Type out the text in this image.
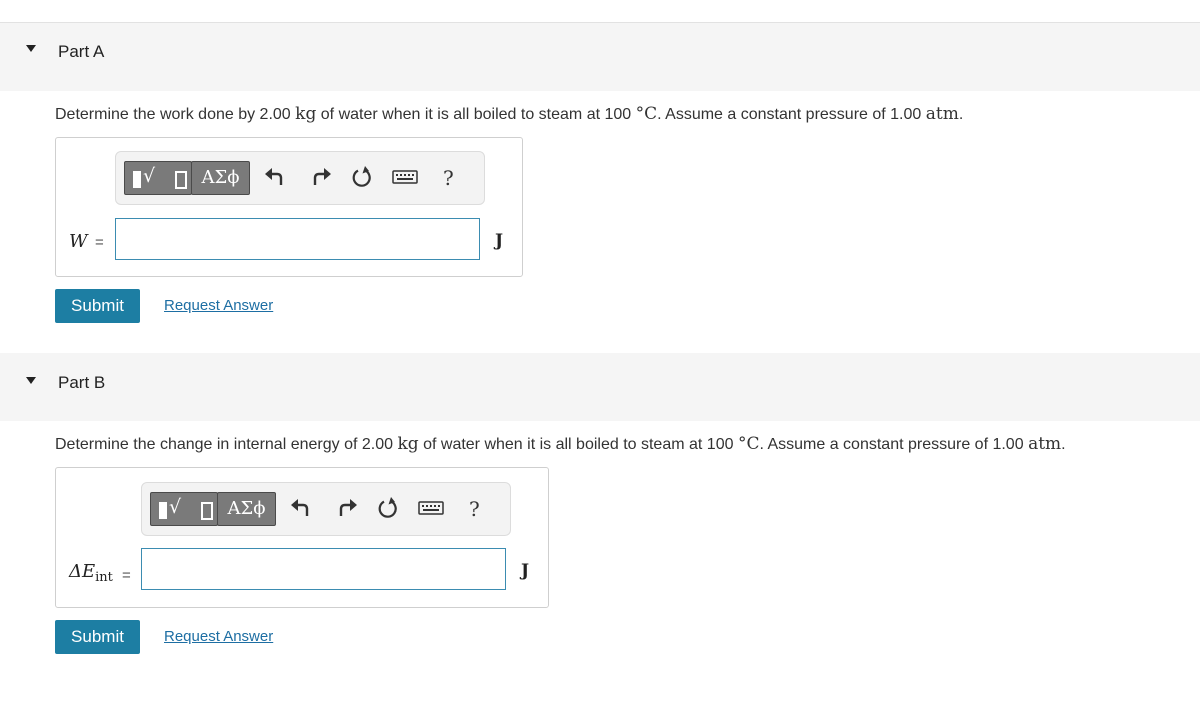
Part A
Determine the work done by 2.00 kg of water when it is all boiled to steam at 100 °C. Assume a constant pressure of 1.00 atm.
√	ΑΣϕ	?
W =	J
Submit	Request Answer
Part B
Determine the change in internal energy of 2.00 kg of water when it is all boiled to steam at 100 °C. Assume a constant pressure of 1.00 atm.
√	ΑΣϕ	?
$\Delta E_{int}$ =	J
Submit	Request Answer
